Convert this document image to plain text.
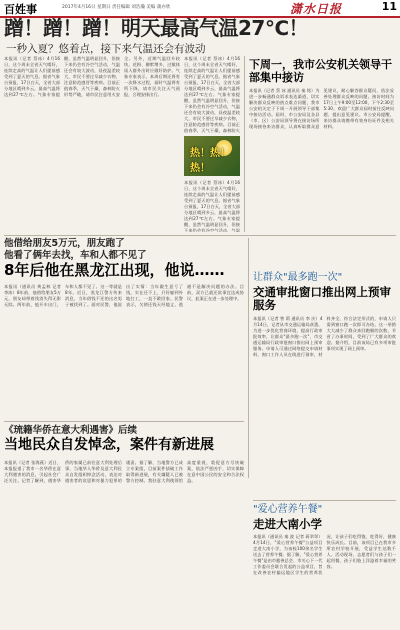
百姓事	2017年4月16日 星期日 责任编辑 刘浩瀚 美编 蒲亦欣	潇水日报	11
蹭！蹭！蹭！明天最高气温27℃！
一秒入夏？悠着点，接下来气温还会有波动
本报讯（记者 蔡冰）4月16日，这个周末全省天气晴好，连续走高的气温让人们提前感受到了夏天的气息。据省气象台预报，17日白天，全省大部分地区晴到多云，最高气温将达到27℃左右。气象专家提醒，虽然气温明显回升，但接下来仍会有冷空气活动，气温还会有较大波动，昼夜温差较大，市民不要过早减少衣物，注意防范感冒等疾病。目前正值春季，天气干燥，森林防火形势严峻，请市民注意用火安全。另外，近期气温回升较快，花粉、柳絮增多，过敏体质人群外出时应做好防护。气象专家表示，本周后期还将有一次降水过程，届时气温将有所下降，请市民关注天气预报，合理安排出行。
热！热！热！
本报讯（记者 蔡冰）4月16日，这个周末全省天气晴好，连续走高的气温让人们提前感受到了夏天的气息。据省气象台预报，17日白天，全省大部分地区晴到多云，最高气温将达到27℃左右。气象专家提醒，虽然气温明显回升，但接下来仍会有冷空气活动，气温还会有较大波动，昼夜温差较大，市民不要过早减少衣物，注意防范感冒等疾病。目前正值春季，天气干燥，森林防火
本报讯（记者 蔡冰）4月16日，这个周末全省天气晴好，连续走高的气温让人们提前感受到了夏天的气息。据省气象台预报，17日白天，全省大部分地区晴到多云，最高气温将达到27℃左右。气象专家提醒，虽然气温明显回升，但接下来仍会有冷空气活动，气温
下周一，我市公安机关领导干部集中接访
本报讯（记者 蔡 冰 通讯员 秦 铭）为进一步畅通群众诉求表达渠道，切实解决群众反映的热点难点问题，我市公安机关定于下周一开展领导干部集中接访活动。届时，市公安局及各县（市、区）公安局领导将在接访场所现场接待来访群众，认真听取群众意见建议，耐心解答群众疑问，依法妥善处理群众反映的问题。接访时间为17日上午9:00至12:00，下午2:30至5:30。欢迎广大群众届时前往反映问题、提出意见建议。市公安局提醒，来访群众请携带有效身份证件及相关材料。
他借给朋友5万元，朋友跑了
他看了俩年去找，车和人都不见了
8年后他在黑龙江出现，他说……
本报讯（通讯员 黄孟林 记者 李冰）8年前，他借给朋友5万元，朋友却带着钱消失得无影无踪。两年前，他开车出门，车和人都不见了。这一等就是8年。近日，黑龙江警方传来消息，当年借钱不还的这名男子被找到了。面对民警，他说出了实情：当年做生意亏了钱，实在还不上，只好躲到外地打工，一直不敢回家。民警表示，欠债还钱天经地义，逃避不是解决问题的办法。目前，双方已就还款事宜达成协议，此案正在进一步处理中。
让群众"最多跑一次"
交通审批窗口推出网上预审服务
本报讯（记者 曾 莉 通讯员 李 庆）4月14日，记者从市交通运输局获悉，为进一步优化营商环境，提高行政审批效率，让群众"最多跑一次"，市交通运输局行政审批窗口推出网上预审服务。申请人可通过网络提交申请材料，窗口工作人员在线进行预审，材料齐全、符合法定形式的，申请人只需到窗口跑一次即可办结。这一举措大大减少了群众来回跑腿的次数，节省了办事时间，受到了广大群众的欢迎。据介绍，目前该局已有多项审批事项实现了网上预审。
《琉籍华侨在意大利遇害》后续
当地民众自发悼念，案件有新进展
本报讯（记者 张海燕）近日，本报报道了我市一名华侨在意大利遇害的消息，引起社会广泛关注。记者了解到，遇害华侨的家属已前往意大利处理后事，当地华人华侨及意大利民众自发组织悼念活动，表达对遇害者的哀思和对暴力犯罪的谴责。据了解，当地警方已成立专案组，目前案件侦破工作取得新进展，有关嫌疑人已被警方控制。我驻意大利使领馆高度重视，敦促意方尽快破案，依法严惩凶手，切实保障在意中国公民的安全和合法权益。
"爱心营养午餐"
走进大南小学
本报讯（通讯员 秦 波 记者 蒋翠翠）4月14日，"爱心营养午餐"公益项目走进大南小学，为该校100余名学生送去了营养午餐。据了解，"爱心营养午餐"是由市慈善总会、市关心下一代工作委员会联合发起的公益项目，旨在改善农村偏远地区学生的营养状况，让孩子们吃得饱、吃得好，健康快乐成长。目前，该项目已在我市多所农村学校开展，受益学生达数千人。活动现场，志愿者们与孩子们一起用餐，孩子们脸上洋溢着幸福的笑容。
